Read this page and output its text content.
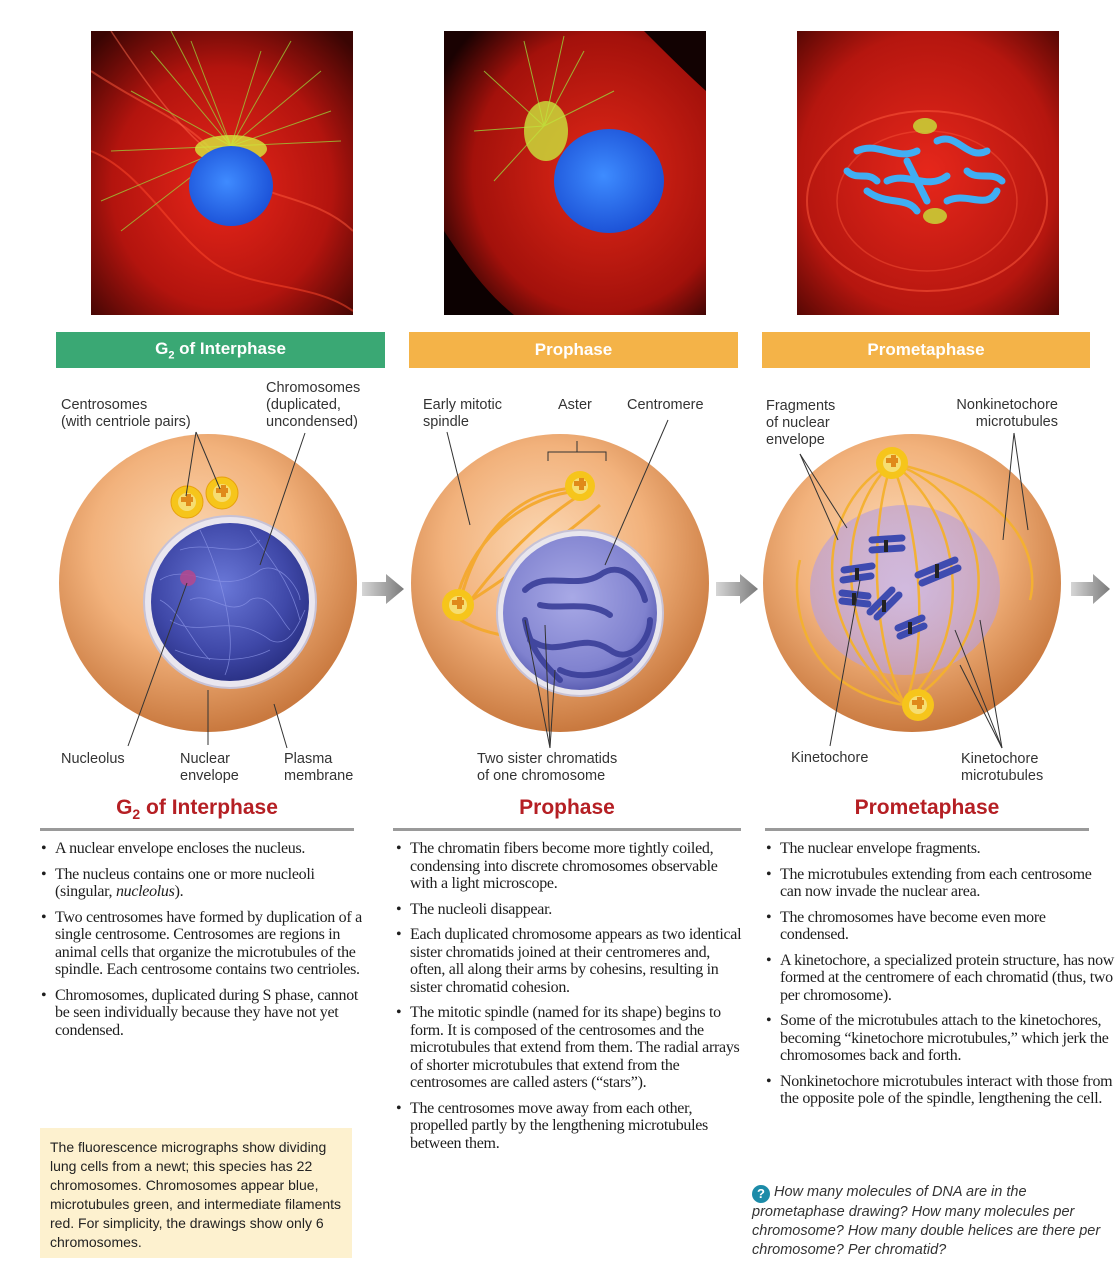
$G_2$ of Interphase	Prophase	Prometaphase
Centrosomes
(with centriole pairs)
Chromosomes
(duplicated,
uncondensed)
Nucleolus	Nuclear
envelope
Plasma
membrane
Early mitotic
spindle
Aster Centromere
Two sister chromatids
of one chromosome
Fragments
of nuclear
envelope
Nonkinetochore
microtubules
Kinetochore	Kinetochore
microtubules
$G_2$ of Interphase	Prophase	Prometaphase
• A nuclear envelope encloses the nucleus.
• The nucleus contains one or more nucleoli (singular, nucleolus).
• Two centrosomes have formed by duplication of a single centrosome. Centrosomes are regions in animal cells that organize the microtubules of the spindle. Each centrosome contains two centrioles.
• Chromosomes, duplicated during S phase, cannot be seen individually because they have not yet condensed.
• The chromatin fibers become more tightly coiled, condensing into discrete chromosomes observable with a light microscope.
• The nucleoli disappear.
• Each duplicated chromosome appears as two identical sister chromatids joined at their centromeres and, often, all along their arms by cohesins, resulting in sister chromatid cohesion.
• The mitotic spindle (named for its shape) begins to form. It is composed of the centrosomes and the microtubules that extend from them. The radial arrays of shorter microtubules that extend from the centrosomes are called asters (“stars”).
• The centrosomes move away from each other, propelled partly by the lengthening microtubules between them.
• The nuclear envelope fragments.
• The microtubules extending from each centrosome can now invade the nuclear area.
• The chromosomes have become even more condensed.
• A kinetochore, a specialized protein structure, has now formed at the centromere of each chromatid (thus, two per chromosome).
• Some of the microtubules attach to the kinetochores, becoming “kinetochore microtubules,” which jerk the chromosomes back and forth.
• Nonkinetochore microtubules interact with those from the opposite pole of the spindle, lengthening the cell.
The fluorescence micrographs show dividing lung cells from a newt; this species has 22 chromosomes. Chromosomes appear blue, microtubules green, and intermediate filaments red. For simplicity, the drawings show only 6 chromosomes.
? How many molecules of DNA are in the prometaphase drawing? How many molecules per chromosome? How many double helices are there per chromosome? Per chromatid?
